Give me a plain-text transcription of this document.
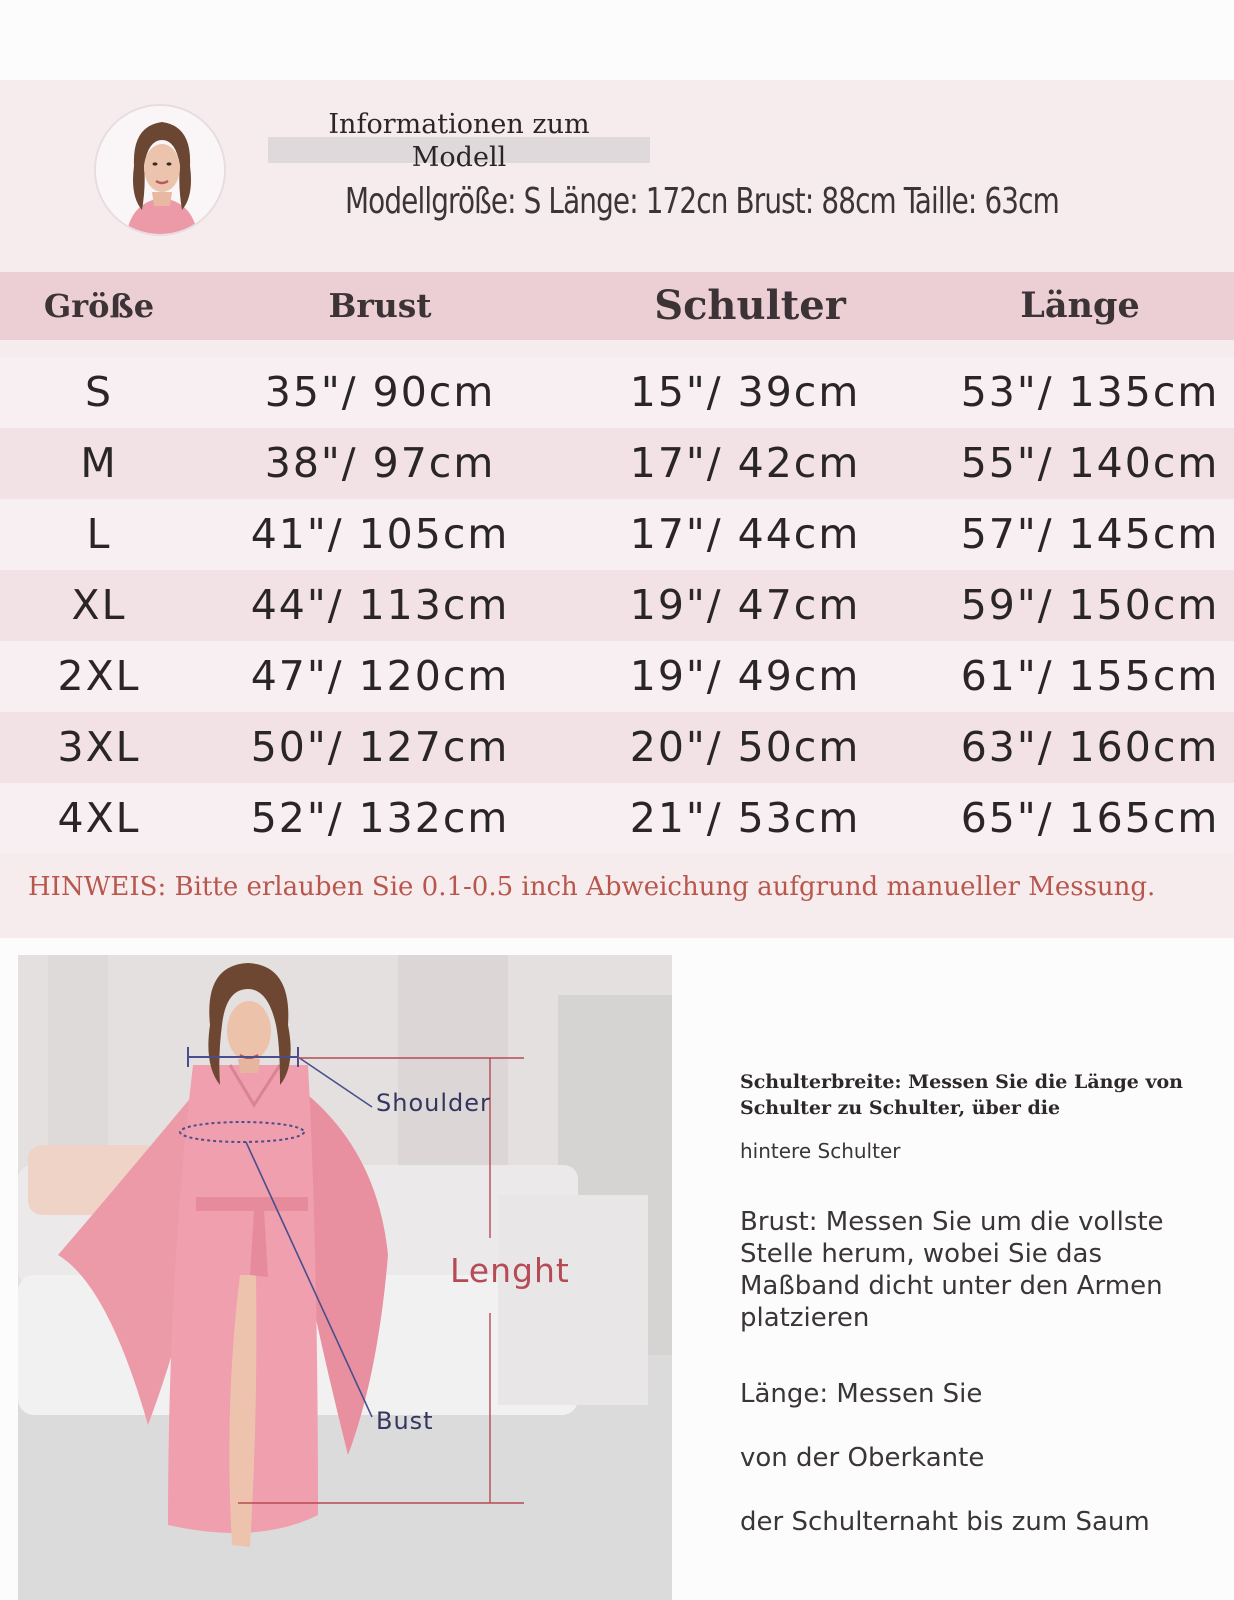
Informationen zum
Modell
Modellgröße: S Länge: 172cn Brust: 88cm Taille: 63cm
Größe	Brust	Schulter	Länge
S	35"/ 90cm	15"/ 39cm	53"/ 135cm
M	38"/ 97cm	17"/ 42cm	55"/ 140cm
L	41"/ 105cm	17"/ 44cm	57"/ 145cm
XL	44"/ 113cm	19"/ 47cm	59"/ 150cm
2XL	47"/ 120cm	19"/ 49cm	61"/ 155cm
3XL	50"/ 127cm	20"/ 50cm	63"/ 160cm
4XL	52"/ 132cm	21"/ 53cm	65"/ 165cm
HINWEIS: Bitte erlauben Sie 0.1-0.5 inch Abweichung aufgrund manueller Messung.
Shoulder
Lenght
Bust
Schulterbreite: Messen Sie die Länge von Schulter zu Schulter, über die
hintere Schulter
Brust: Messen Sie um die vollste Stelle herum, wobei Sie das Maßband dicht unter den Armen platzieren

Länge: Messen Sie

von der Oberkante

der Schulternaht bis zum Saum
